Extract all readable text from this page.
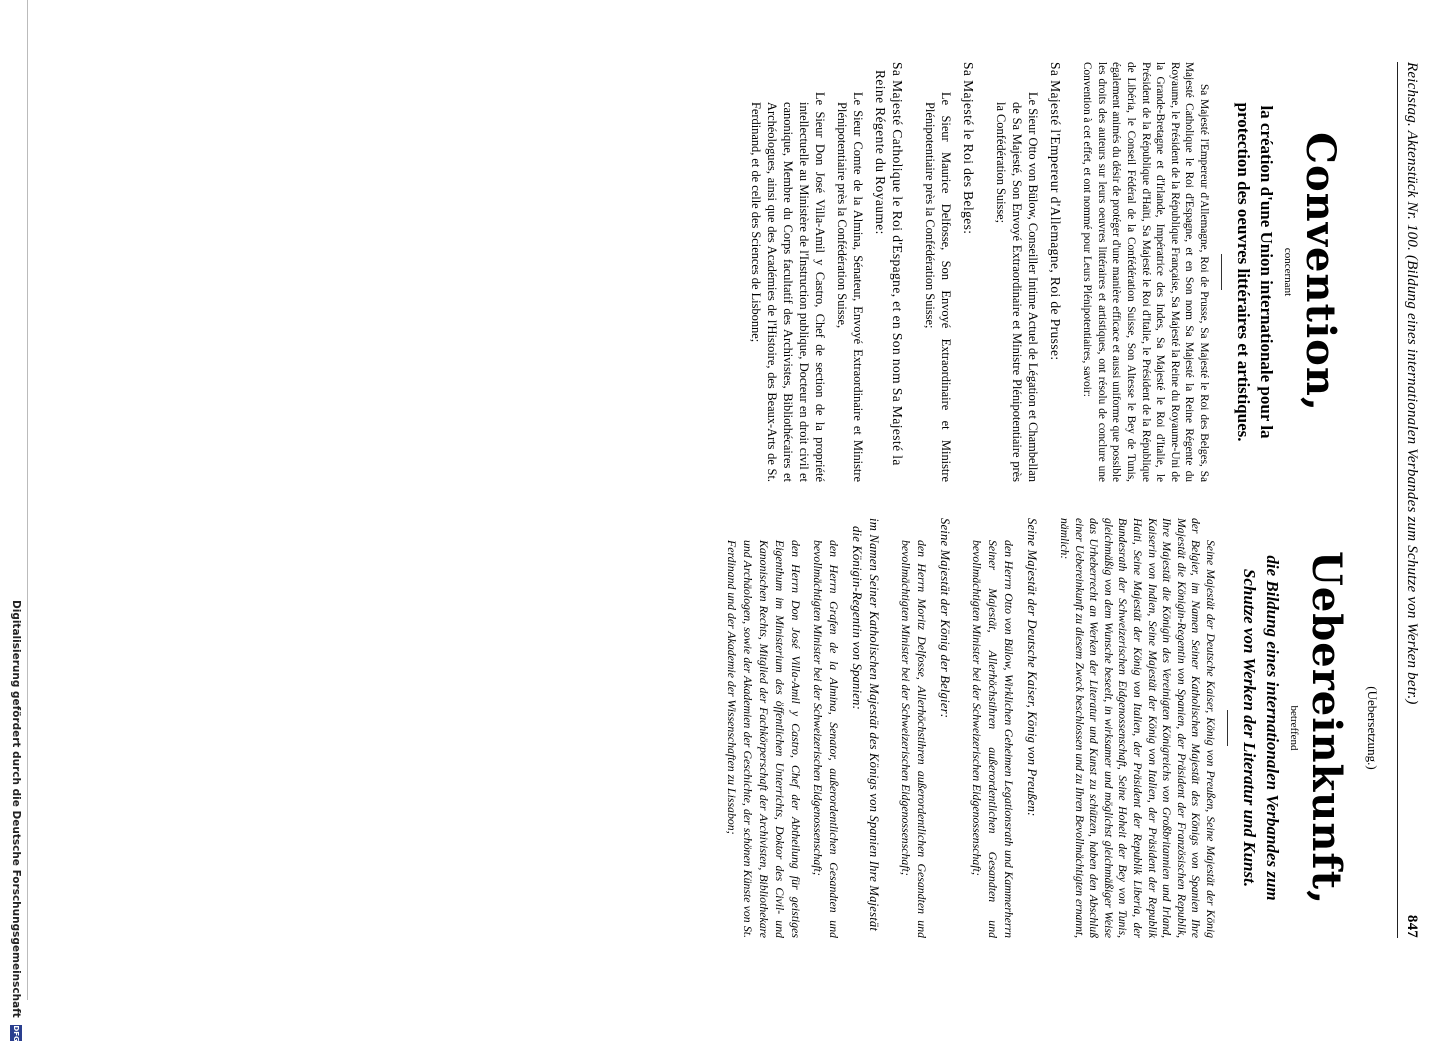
Reichstag. Aktenstück Nr. 100. (Bildung eines internationalen Verbandes zum Schutze von Werken betr.)
847
Convention,
concernant
la création d'une Union internationale pour la protection des oeuvres littéraires et artistiques.

Sa Majesté l'Empereur d'Allemagne, Roi de Prusse, Sa Majesté le Roi des Belges, Sa Majesté Catholique le Roi d'Espagne, et en Son nom Sa Majesté la Reine Régente du Royaume, le Président de la République Française, Sa Majesté la Reine du Royaume-Uni de la Grande-Bretagne et d'Irlande, Impératrice des Indes, Sa Majesté le Roi d'Italie, le Président de la République d'Haïti, Sa Majesté le Roi d'Italie, le Président de la République de Libéria, le Conseil Fédéral de la Confédération Suisse, Son Altesse le Bey de Tunis, également animés du désir de protéger d'une manière efficace et aussi uniforme que possible les droits des auteurs sur leurs oeuvres littéraires et artistiques, ont résolu de conclure une Convention à cet effet, et ont nommé pour Leurs Plénipotentiaires, savoir:

Sa Majesté l'Empereur d'Allemagne, Roi de Prusse:
Le Sieur Otto von Bülow, Conseiller Intime Actuel de Légation et Chambellan de Sa Majesté, Son Envoyé Extraordinaire et Ministre Plénipotentiaire près la Confédération Suisse;
Sa Majesté le Roi des Belges:
Le Sieur Maurice Delfosse, Son Envoyé Extraordinaire et Ministre Plénipotentiaire près la Confédération Suisse;
Sa Majesté Catholique le Roi d'Espagne, et en Son nom Sa Majesté la Reine Régente du Royaume:
Le Sieur Comte de la Almina, Sénateur, Envoyé Extraordinaire et Ministre Plénipotentiaire près la Confédération Suisse,
Le Sieur Don José Villa-Amil y Castro, Chef de section de la propriété intellectuelle au Ministère de l'Instruction publique, Docteur en droit civil et canonique, Membre du Corps facultatif des Archivistes, Bibliothécaires et Archéologues, ainsi que des Académies de l'Histoire, des Beaux-Arts de St. Ferdinand, et de celle des Sciences de Lisbonne;
(Uebersetzung.)
Uebereinkunft,
betreffend
die Bildung eines internationalen Verbandes zum Schutze von Werken der Literatur und Kunst.

Seine Majestät der Deutsche Kaiser, König von Preußen, Seine Majestät der König der Belgier, im Namen Seiner Katholischen Majestät des Königs von Spanien Ihre Majestät die Königin-Regentin von Spanien, der Präsident der Französischen Republik, Ihre Majestät die Königin des Vereinigten Königreichs von Großbritannien und Irland, Kaiserin von Indien, Seine Majestät der König von Italien, der Präsident der Republik Haiti, Seine Majestät der König von Italien, der Präsident der Republik Liberia, der Bundesrath der Schweizerischen Eidgenossenschaft, Seine Hoheit der Bey von Tunis, gleichmäßig von dem Wunsche beseelt, in wirksamer und möglichst gleichmäßiger Weise das Urheberrecht an Werken der Literatur und Kunst zu schützen, haben den Abschluß einer Uebereinkunft zu diesem Zweck beschlossen und zu Ihren Bevollmächtigten ernannt, nämlich:

Seine Majestät der Deutsche Kaiser, König von Preußen:
den Herrn Otto von Bülow, Wirklichen Geheimen Legationsrath und Kammerherrn Seiner Majestät, Allerhöchstihren außerordentlichen Gesandten und bevollmächtigten Minister bei der Schweizerischen Eidgenossenschaft;
Seine Majestät der König der Belgier:
den Herrn Moritz Delfosse, Allerhöchstihren außerordentlichen Gesandten und bevollmächtigten Minister bei der Schweizerischen Eidgenossenschaft;
im Namen Seiner Katholischen Majestät des Königs von Spanien Ihre Majestät die Königin-Regentin von Spanien:
den Herrn Grafen de la Almina, Senator, außerordentlichen Gesandten und bevollmächtigten Minister bei der Schweizerischen Eidgenossenschaft;
den Herrn Don José Villa-Amil y Castro, Chef der Abtheilung für geistiges Eigenthum im Ministerium des öffentlichen Unterrichts, Doktor des Civil- und Kanonischen Rechts, Mitglied der Fachkörperschaft der Archivisten, Bibliothekare und Archäologen, sowie der Akademien der Geschichte, der schönen Künste von St. Ferdinand und der Akademie der Wissenschaften zu Lissabon;
Digitalisierung gefördert durch die Deutsche Forschungsgemeinschaft DFG
